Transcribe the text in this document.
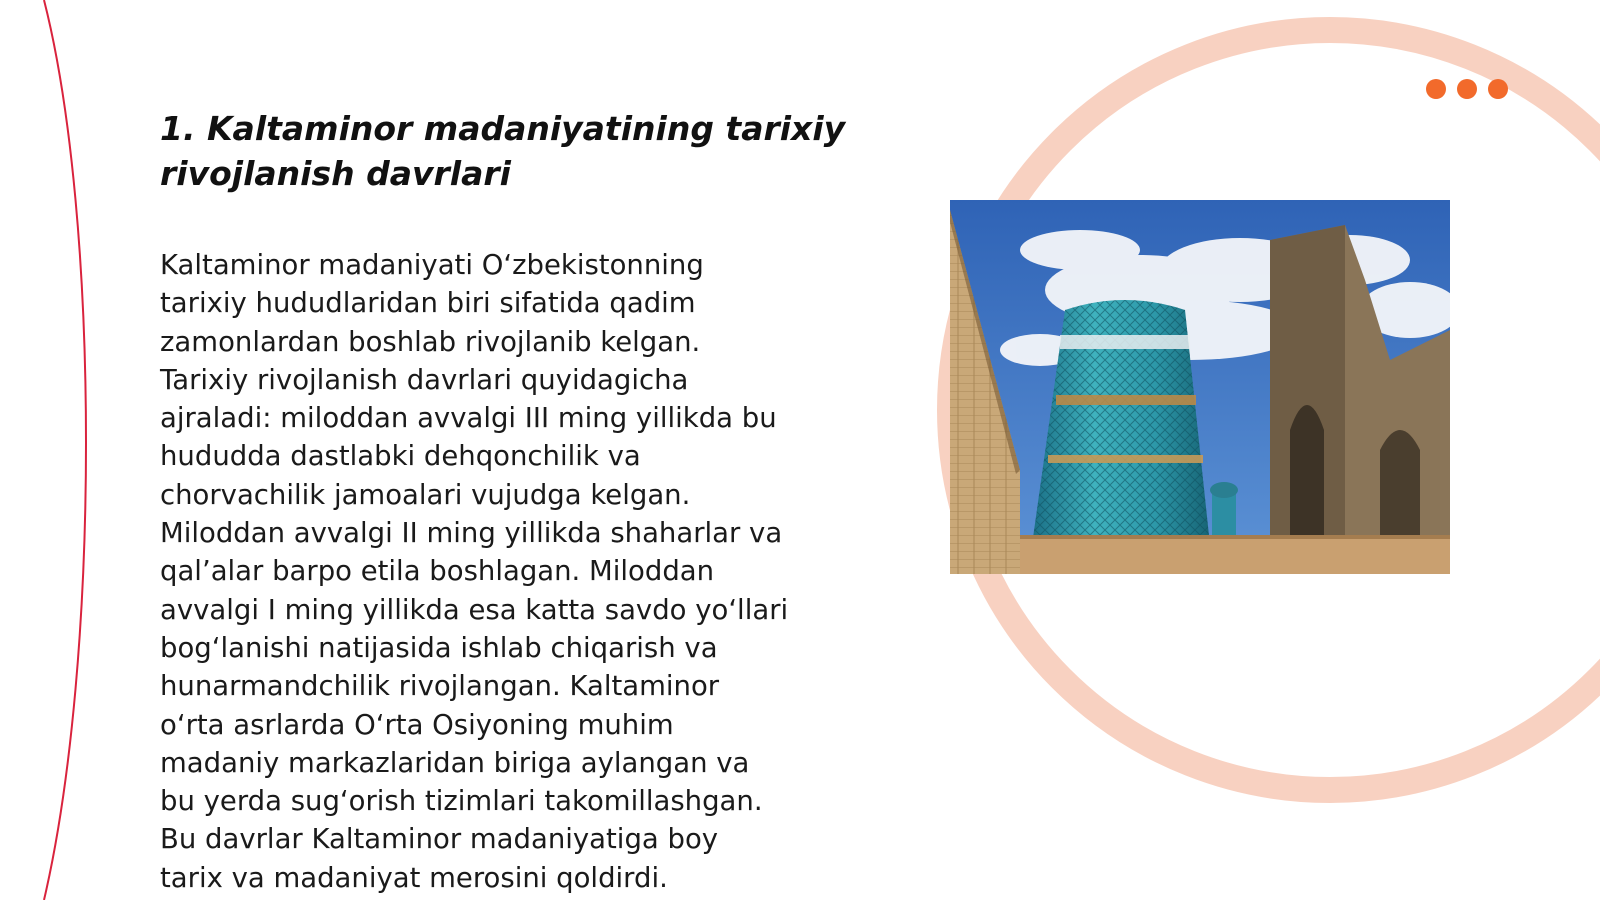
1. Kaltaminor madaniyatining tarixiy
rivojlanish davrlari

Kaltaminor madaniyati O‘zbekistonning
tarixiy hududlaridan biri sifatida qadim
zamonlardan boshlab rivojlanib kelgan.
Tarixiy rivojlanish davrlari quyidagicha
ajraladi: miloddan avvalgi III ming yillikda bu
hududda dastlabki dehqonchilik va
chorvachilik jamoalari vujudga kelgan.
Miloddan avvalgi II ming yillikda shaharlar va
qal’alar barpo etila boshlagan. Miloddan
avvalgi I ming yillikda esa katta savdo yo‘llari
bog‘lanishi natijasida ishlab chiqarish va
hunarmandchilik rivojlangan. Kaltaminor
o‘rta asrlarda O‘rta Osiyoning muhim
madaniy markazlaridan biriga aylangan va
bu yerda sug‘orish tizimlari takomillashgan.
Bu davrlar Kaltaminor madaniyatiga boy
tarix va madaniyat merosini qoldirdi.
